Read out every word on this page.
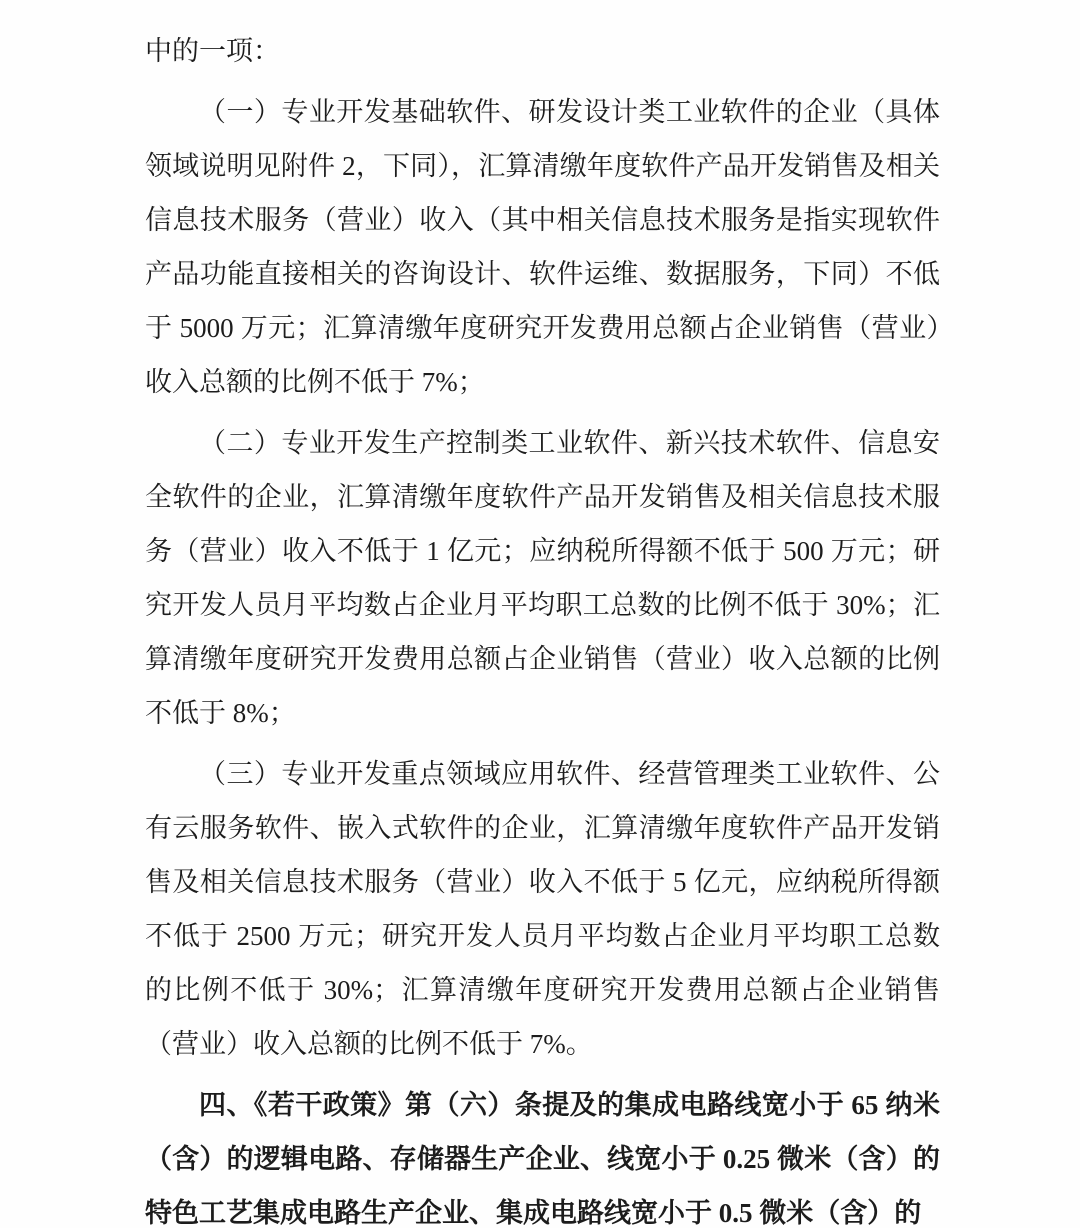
中的一项：

（一）专业开发基础软件、研发设计类工业软件的企业（具体领域说明见附件 2，下同），汇算清缴年度软件产品开发销售及相关信息技术服务（营业）收入（其中相关信息技术服务是指实现软件产品功能直接相关的咨询设计、软件运维、数据服务，下同）不低于 5000 万元；汇算清缴年度研究开发费用总额占企业销售（营业）收入总额的比例不低于 7%；

（二）专业开发生产控制类工业软件、新兴技术软件、信息安全软件的企业，汇算清缴年度软件产品开发销售及相关信息技术服务（营业）收入不低于 1 亿元；应纳税所得额不低于 500 万元；研究开发人员月平均数占企业月平均职工总数的比例不低于 30%；汇算清缴年度研究开发费用总额占企业销售（营业）收入总额的比例不低于 8%；

（三）专业开发重点领域应用软件、经营管理类工业软件、公有云服务软件、嵌入式软件的企业，汇算清缴年度软件产品开发销售及相关信息技术服务（营业）收入不低于 5 亿元，应纳税所得额不低于 2500 万元；研究开发人员月平均数占企业月平均职工总数的比例不低于 30%；汇算清缴年度研究开发费用总额占企业销售（营业）收入总额的比例不低于 7%。

四、《若干政策》第（六）条提及的集成电路线宽小于 65 纳米（含）的逻辑电路、存储器生产企业、线宽小于 0.25 微米（含）的特色工艺集成电路生产企业、集成电路线宽小于 0.5 微米（含）的
